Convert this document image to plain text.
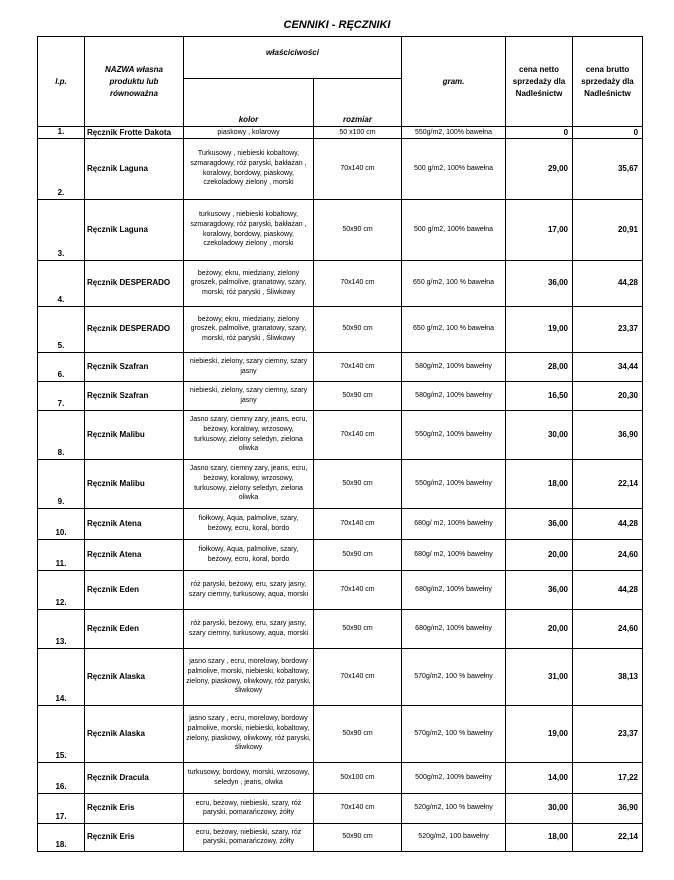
CENNIKI - RĘCZNIKI
l.p.	NAZWA własna produktu lub równoważna	właściciwości		gram.	cena netto sprzedaży dla Nadleśnictw	cena brutto sprzedaży dla Nadleśnictw
		kolor	rozmiar			
1.	Ręcznik Frotte Dakota	piaskowy , kolarowy	50 x100 cm	550g/m2, 100% bawełna	0	0
2.	Ręcznik Laguna	Turkusowy , niebieski kobaltowy, szmaragdowy, róż paryski, bakłażan , koralowy, bordowy, piaskowy, czekoladowy zielony , morski	70x140 cm	500 g/m2, 100% bawełna	29,00	35,67
3.	Ręcznik Laguna	turkusowy , niebieski kobaltowy, szmaragdowy, róż paryski, bakłażan , koralowy, bordowy, piaskowy, czekoladowy zielony , morski	50x90 cm	500 g/m2, 100% bawełna	17,00	20,91
4.	Ręcznik DESPERADO	beżowy, ekru, miedziany, zielony groszek, palmolive, granatowy, szary, morski, róż paryski , Śliwkowy	70x140 cm	650 g/m2, 100 % bawełna	36,00	44,28
5.	Ręcznik DESPERADO	beżowy, ekru, miedziany, zielony groszek, palmolive, granatowy, szary, morski, róż paryski , Śliwkowy	50x90 cm	650 g/m2, 100 % bawełna	19,00	23,37
6.	Ręcznik Szafran	niebieski, zielony, szary ciemny, szary jasny	70x140 cm	580g/m2, 100% bawełny	28,00	34,44
7.	Ręcznik Szafran	niebieski, zielony, szary ciemny, szary jasny	50x90 cm	580g/m2, 100% bawełny	16,50	20,30
8.	Ręcznik Malibu	Jasno szary, ciemny zary, jeans, ecru, beżowy, koralowy, wrzosowy, turkusowy, zielony seledyn, zielona oliwka	70x140 cm	550g/m2, 100% bawełny	30,00	36,90
9.	Ręcznik Malibu	Jasno szary, ciemny zary, jeans, ecru, beżowy, koralowy, wrzosowy, turkusowy, zielony seledyn, zielona oliwka	50x90 cm	550g/m2, 100% bawełny	18,00	22,14
10.	Ręcznik Atena	fiołkowy, Aqua, palmolive, szary, beżowy, ecru, koral, bordo	70x140 cm	680g/ m2, 100% bawełny	36,00	44,28
11.	Ręcznik Atena	fiołkowy, Aqua, palmolive, szary, beżowy, ecru, koral, bordo	50x90 cm	680g/ m2, 100% bawełny	20,00	24,60
12.	Ręcznik Eden	róż paryski, beżowy, eru, szary jasny, szary ciemny, turkusowy, aqua, morski	70x140 cm	680g/m2, 100% bawełny	36,00	44,28
13.	Ręcznik Eden	róż paryski, beżowy, eru, szary jasny, szary ciemny, turkusowy, aqua, morski	50x90 cm	680g/m2, 100% bawełny	20,00	24,60
14.	Ręcznik Alaska	jasno szary , ecru, morelowy, bordowy palmolive, morski, niebieski, kobaltowy, zielony, piaskowy, oliwkowy, róż paryski, śliwkowy	70x140 cm	570g/m2, 100 % bawełny	31,00	38,13
15.	Ręcznik Alaska	jasno szary , ecru, morelowy, bordowy palmolive, morski, niebieski, kobaltowy, zielony, piaskowy, oliwkowy, róż paryski, śliwkowy	50x90 cm	570g/m2, 100 % bawełny	19,00	23,37
16.	Ręcznik Dracula	turkusowy, bordowy, morski, wrzosowy, seledyn , jeans, olwka	50x100 cm	500g/m2, 100% bawełny	14,00	17,22
17.	Ręcznik Eris	ecru, beżowy, niebieski, szary, róż paryski, pomarańczowy, żółty	70x140 cm	520g/m2, 100 % bawełny	30,00	36,90
18.	Ręcznik Eris	ecru, beżowy, niebieski, szary, róż paryski, pomarańczowy, żółty	50x90 cm	520g/m2, 100 bawełny	18,00	22,14
